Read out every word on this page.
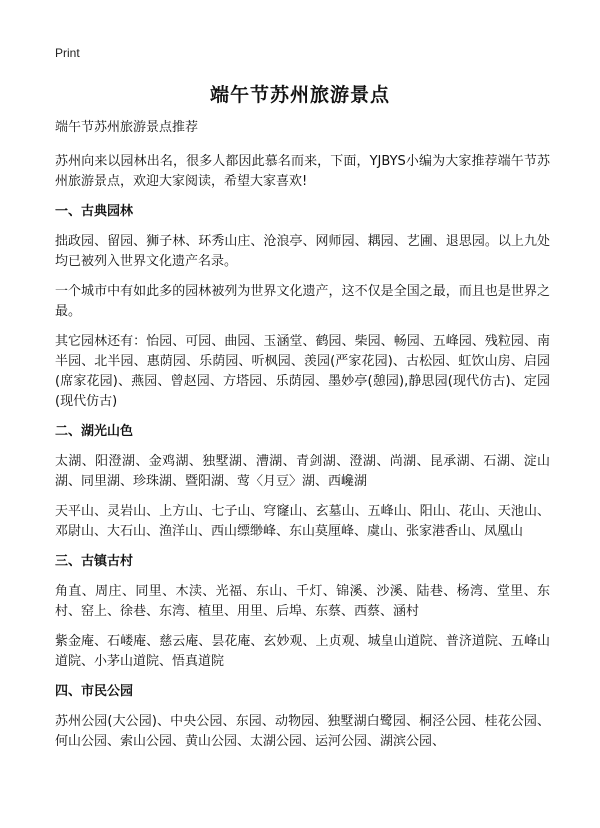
Print
端午节苏州旅游景点

端午节苏州旅游景点推荐

苏州向来以园林出名，很多人都因此慕名而来，下面，YJBYS小编为大家推荐端午节苏州旅游景点，欢迎大家阅读，希望大家喜欢!

一、古典园林

拙政园、留园、狮子林、环秀山庄、沧浪亭、网师园、耦园、艺圃、退思园。以上九处均已被列入世界文化遗产名录。

一个城市中有如此多的园林被列为世界文化遗产，这不仅是全国之最，而且也是世界之最。

其它园林还有：怡园、可园、曲园、玉涵堂、鹤园、柴园、畅园、五峰园、残粒园、南半园、北半园、惠荫园、乐荫园、听枫园、羡园(严家花园)、古松园、虹饮山房、启园(席家花园)、燕园、曾赵园、方塔园、乐荫园、墨妙亭(憩园),静思园(现代仿古)、定园(现代仿古)

二、湖光山色

太湖、阳澄湖、金鸡湖、独墅湖、漕湖、青剑湖、澄湖、尚湖、昆承湖、石湖、淀山湖、同里湖、珍珠湖、暨阳湖、莺〈月豆〉湖、西巉湖

天平山、灵岩山、上方山、七子山、穹窿山、玄墓山、五峰山、阳山、花山、天池山、邓尉山、大石山、渔洋山、西山缥缈峰、东山莫厘峰、虞山、张家港香山、凤凰山

三、古镇古村

角直、周庄、同里、木渎、光福、东山、千灯、锦溪、沙溪、陆巷、杨湾、堂里、东村、窑上、徐巷、东湾、植里、用里、后埠、东蔡、西蔡、涵村

紫金庵、石嵝庵、慈云庵、昙花庵、玄妙观、上贞观、城皇山道院、普济道院、五峰山道院、小茅山道院、悟真道院

四、市民公园

苏州公园(大公园)、中央公园、东园、动物园、独墅湖白鹭园、桐泾公园、桂花公园、何山公园、索山公园、黄山公园、太湖公园、运河公园、湖滨公园、
